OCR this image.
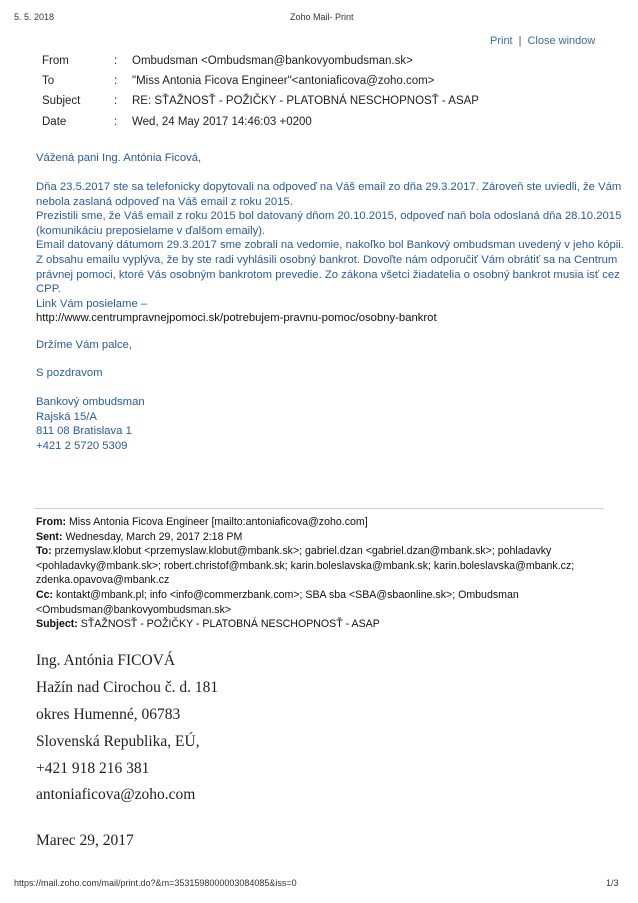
5. 5. 2018	Zoho Mail- Print
Print | Close window
From	: Ombudsman <Ombudsman@bankovyombudsman.sk>
To	: "Miss Antonia Ficova Engineer"<antoniaficova@zoho.com>
Subject	: RE: SŤAŽNOSŤ - POŽIČKY - PLATOBNÁ NESCHOPNOSŤ - ASAP
Date	: Wed, 24 May 2017 14:46:03 +0200
Vážená pani Ing. Antónia Ficová,
Dňa 23.5.2017 ste sa telefonicky dopytovali na odpoveď na Váš email zo dňa 29.3.2017. Zároveň ste uviedli, že Vám
nebola zaslaná odpoveď na Váš email z roku 2015.
Prezistili sme, že Váš email z roku 2015 bol datovaný dňom 20.10.2015, odpoveď naň bola odoslaná dňa 28.10.2015
(komunikáciu preposielame v ďalšom emaily).
Email datovaný dátumom 29.3.2017 sme zobrali na vedomie, nakoľko bol Bankový ombudsman uvedený v jeho kópii.
Z obsahu emailu vyplýva, že by ste radi vyhlásili osobný bankrot. Dovoľte nám odporučiť Vám obrátiť sa na Centrum
právnej pomoci, ktoré Vás osobným bankrotom prevedie. Zo zákona všetci žiadatelia o osobný bankrot musia isť cez
CPP.
Link Vám posielame –
http://www.centrumpravnejpomoci.sk/potrebujem-pravnu-pomoc/osobny-bankrot
Držíme Vám palce,
S pozdravom
Bankový ombudsman
Rajská 15/A
811 08 Bratislava 1
+421 2 5720 5309
From: Miss Antonia Ficova Engineer [mailto:antoniaficova@zoho.com]
Sent: Wednesday, March 29, 2017 2:18 PM
To: przemyslaw.klobut <przemyslaw.klobut@mbank.sk>; gabriel.dzan <gabriel.dzan@mbank.sk>; pohladavky
<pohladavky@mbank.sk>; robert.christof@mbank.sk; karin.boleslavska@mbank.sk; karin.boleslavska@mbank.cz;
zdenka.opavova@mbank.cz
Cc: kontakt@mbank.pl; info <info@commerzbank.com>; SBA sba <SBA@sbaonline.sk>; Ombudsman
<Ombudsman@bankovyombudsman.sk>
Subject: SŤAŽNOSŤ - POŽIČKY - PLATOBNÁ NESCHOPNOSŤ - ASAP
Ing. Antónia FICOVÁ
Hažín nad Cirochou č. d. 181
okres Humenné, 06783
Slovenská Republika, EÚ,
+421 918 216 381
antoniaficova@zoho.com
Marec 29, 2017
https://mail.zoho.com/mail/print.do?&m=3531598000003084085&iss=0	1/3
